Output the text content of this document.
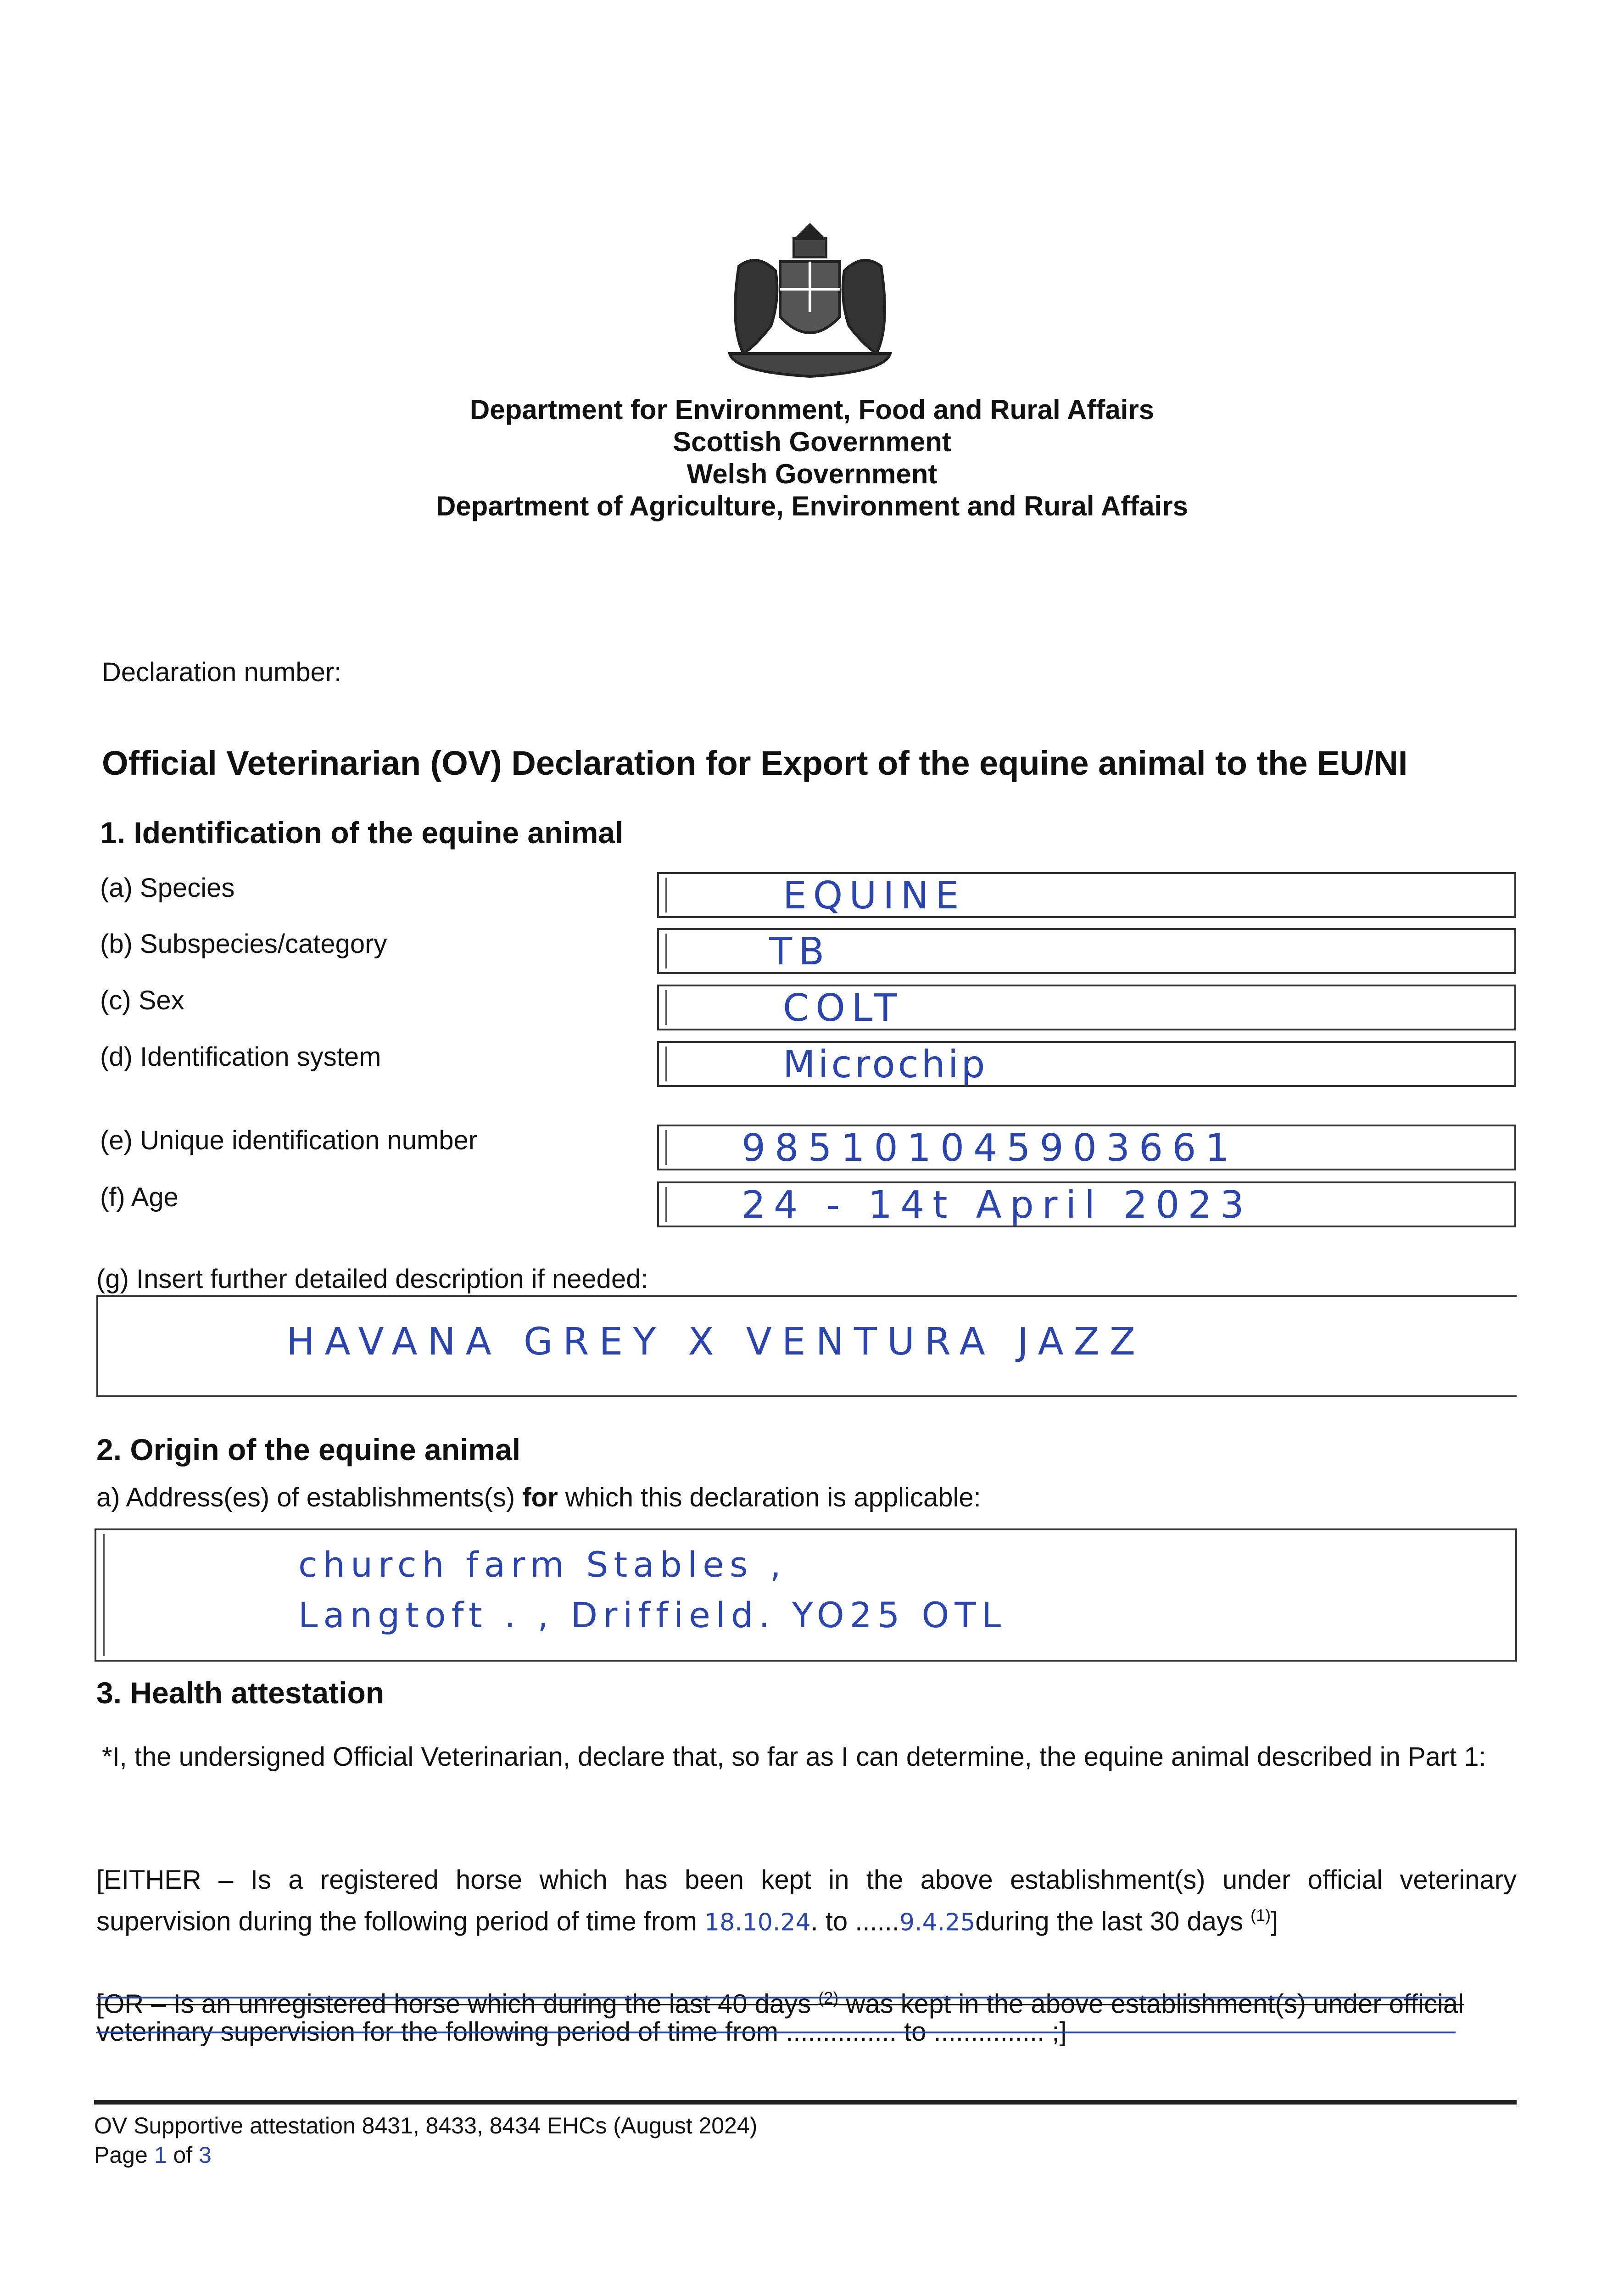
Department for Environment, Food and Rural Affairs
Scottish Government
Welsh Government
Department of Agriculture, Environment and Rural Affairs
Declaration number:
Official Veterinarian (OV) Declaration for Export of the equine animal to the EU/NI
1. Identification of the equine animal
(a) Species	EQUINE
(b) Subspecies/category	TB
(c) Sex	COLT
(d) Identification system	Microchip
(e) Unique identification number	985101045903661
(f) Age	24 - 14t April 2023
(g) Insert further detailed description if needed:
HAVANA GREY X VENTURA JAZZ
2. Origin of the equine animal
a) Address(es) of establishments(s) for which this declaration is applicable:
church farm Stables ,
Langtoft . , Driffield. YO25 OTL
3. Health attestation
*I, the undersigned Official Veterinarian, declare that, so far as I can determine, the equine animal described in Part 1:
[EITHER – Is a registered horse which has been kept in the above establishment(s) under official veterinary
supervision during the following period of time from 18.10.24. to ......9.4.25during the last 30 days $^{(1)}$]
[OR – Is an unregistered horse which during the last 40 days $^{(2)}$ was kept in the above establishment(s) under official
veterinary supervision for the following period of time from ............... to ............... ;]
OV Supportive attestation 8431, 8433, 8434 EHCs (August 2024)
Page 1 of 3
